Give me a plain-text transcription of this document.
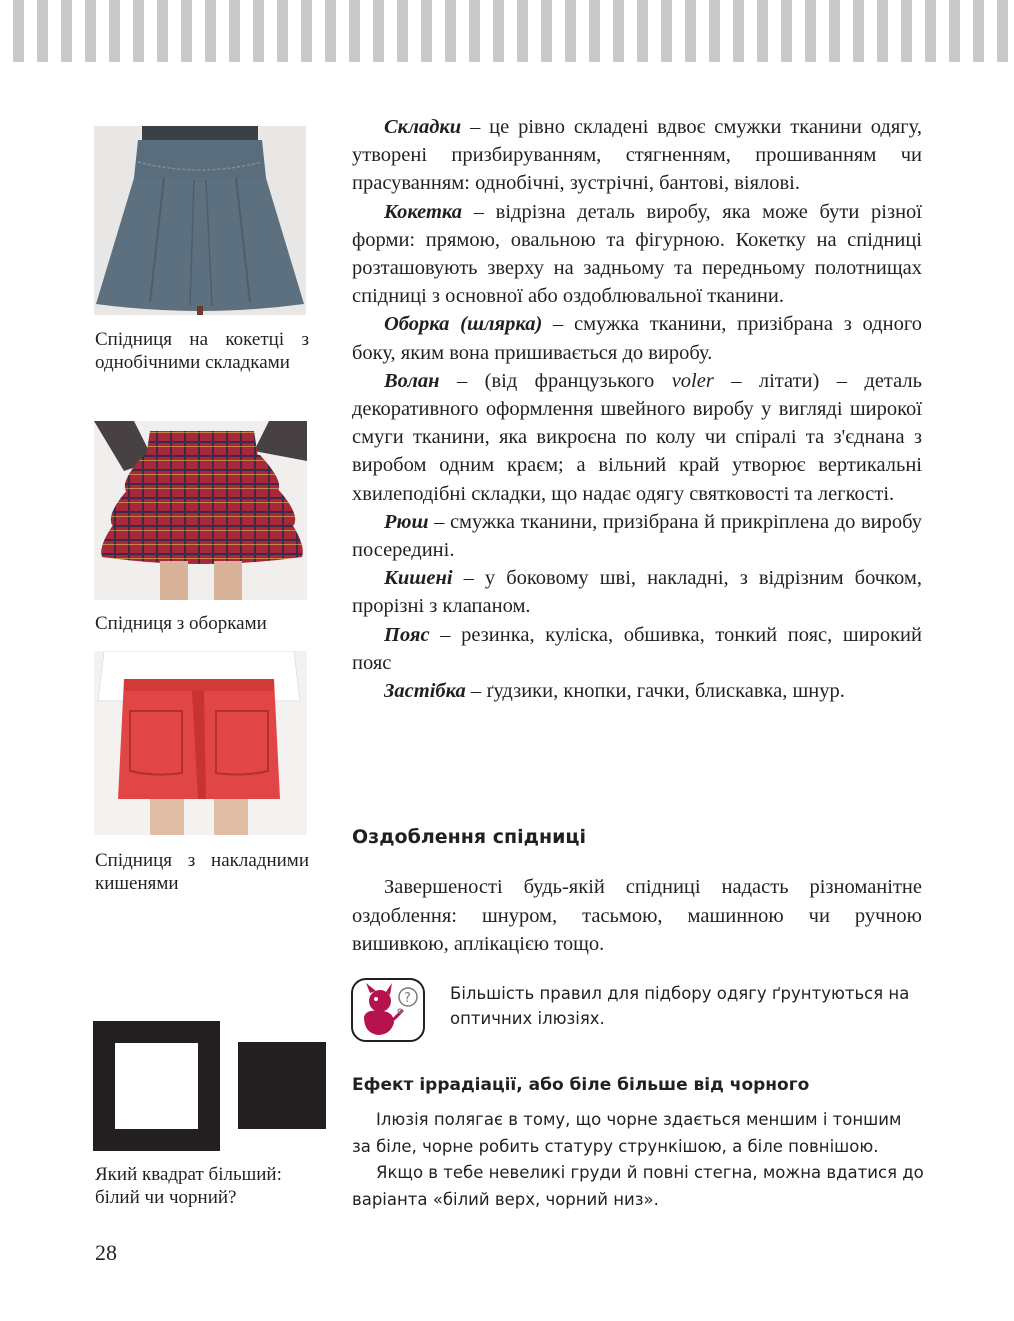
Спідниця на кокетці з однобічними складками

Спідниця з оборками

Спідниця з накладними кишенями

Складки – це рівно складені вдвоє смужки тканини одягу, утворені призбируванням, стягненням, прошиванням чи прасуванням: однобічні, зустрічні, бантові, віялові.

Кокетка – відрізна деталь виробу, яка може бути різної форми: прямою, овальною та фігурною. Кокетку на спідниці розташовують зверху на задньому та передньому полотнищах спідниці з основної або оздоблювальної тканини.

Оборка (шлярка) – смужка тканини, призібрана з одного боку, яким вона пришивається до виробу.

Волан – (від французького voler – літати) – деталь декоративного оформлення швейного виробу у вигляді широкої смуги тканини, яка викроєна по колу чи спіралі та з'єднана з виробом одним краєм; а вільний край утворює вертикальні хвилеподібні складки, що надає одягу святковості та легкості.

Рюш – смужка тканини, призібрана й прикріплена до виробу посередині.

Кишені – у боковому шві, накладні, з відрізним бочком, прорізні з клапаном.

Пояс – резинка, куліска, обшивка, тонкий пояс, широкий пояс

Застібка – ґудзики, кнопки, гачки, блискавка, шнур.

Оздоблення спідниці

Завершеності будь-якій спідниці надасть різноманітне оздоблення: шнуром, тасьмою, машинною чи ручною вишивкою, аплікацією тощо.

? Більшість правил для підбору одягу ґрунтуються на оптичних ілюзіях.

Ефект іррадіації, або біле більше від чорного

Ілюзія полягає в тому, що чорне здається меншим і тоншим за біле, чорне робить статуру стрункішою, а біле повнішою.

Якщо в тебе невеликі груди й повні стегна, можна вдатися до варіанта «білий верх, чорний низ».

Який квадрат більший: білий чи чорний?

28
